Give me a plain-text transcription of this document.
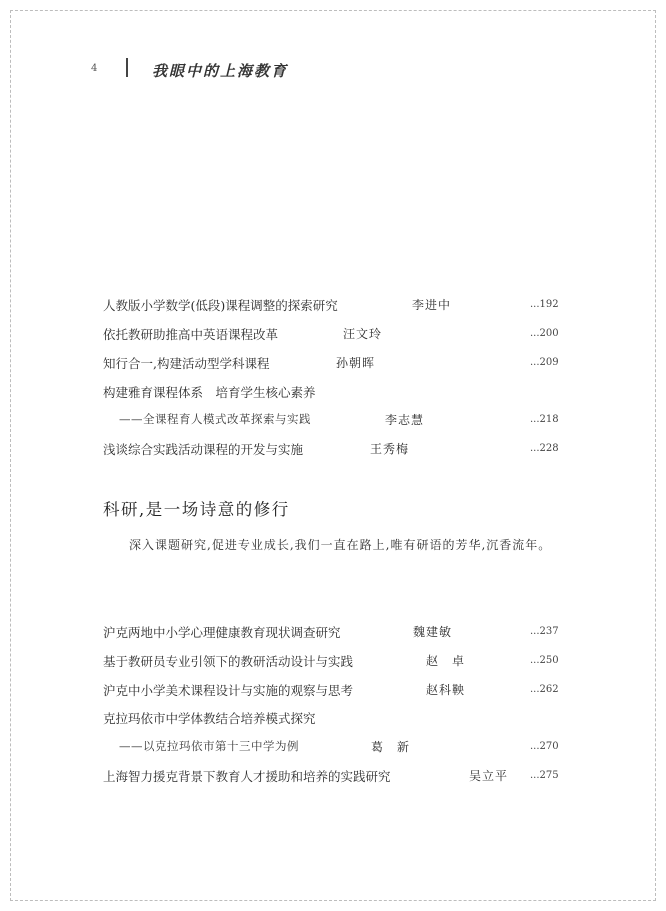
4	我眼中的上海教育
人教版小学数学(低段)课程调整的探索研究	李进中	...192
依托教研助推高中英语课程改革	汪文玲	...200
知行合一,构建活动型学科课程	孙朝晖	...209
构建雅育课程体系　培育学生核心素养
——全课程育人模式改革探索与实践	李志慧	...218
浅谈综合实践活动课程的开发与实施	王秀梅	...228
科研,是一场诗意的修行
深入课题研究,促进专业成长,我们一直在路上,唯有研语的芳华,沉香流年。
沪克两地中小学心理健康教育现状调查研究	魏建敏	...237
基于教研员专业引领下的教研活动设计与实践	赵　卓	...250
沪克中小学美术课程设计与实施的观察与思考	赵科鞅	...262
克拉玛依市中学体教结合培养模式探究
——以克拉玛依市第十三中学为例	葛　新	...270
上海智力援克背景下教育人才援助和培养的实践研究	吴立平 ...275
